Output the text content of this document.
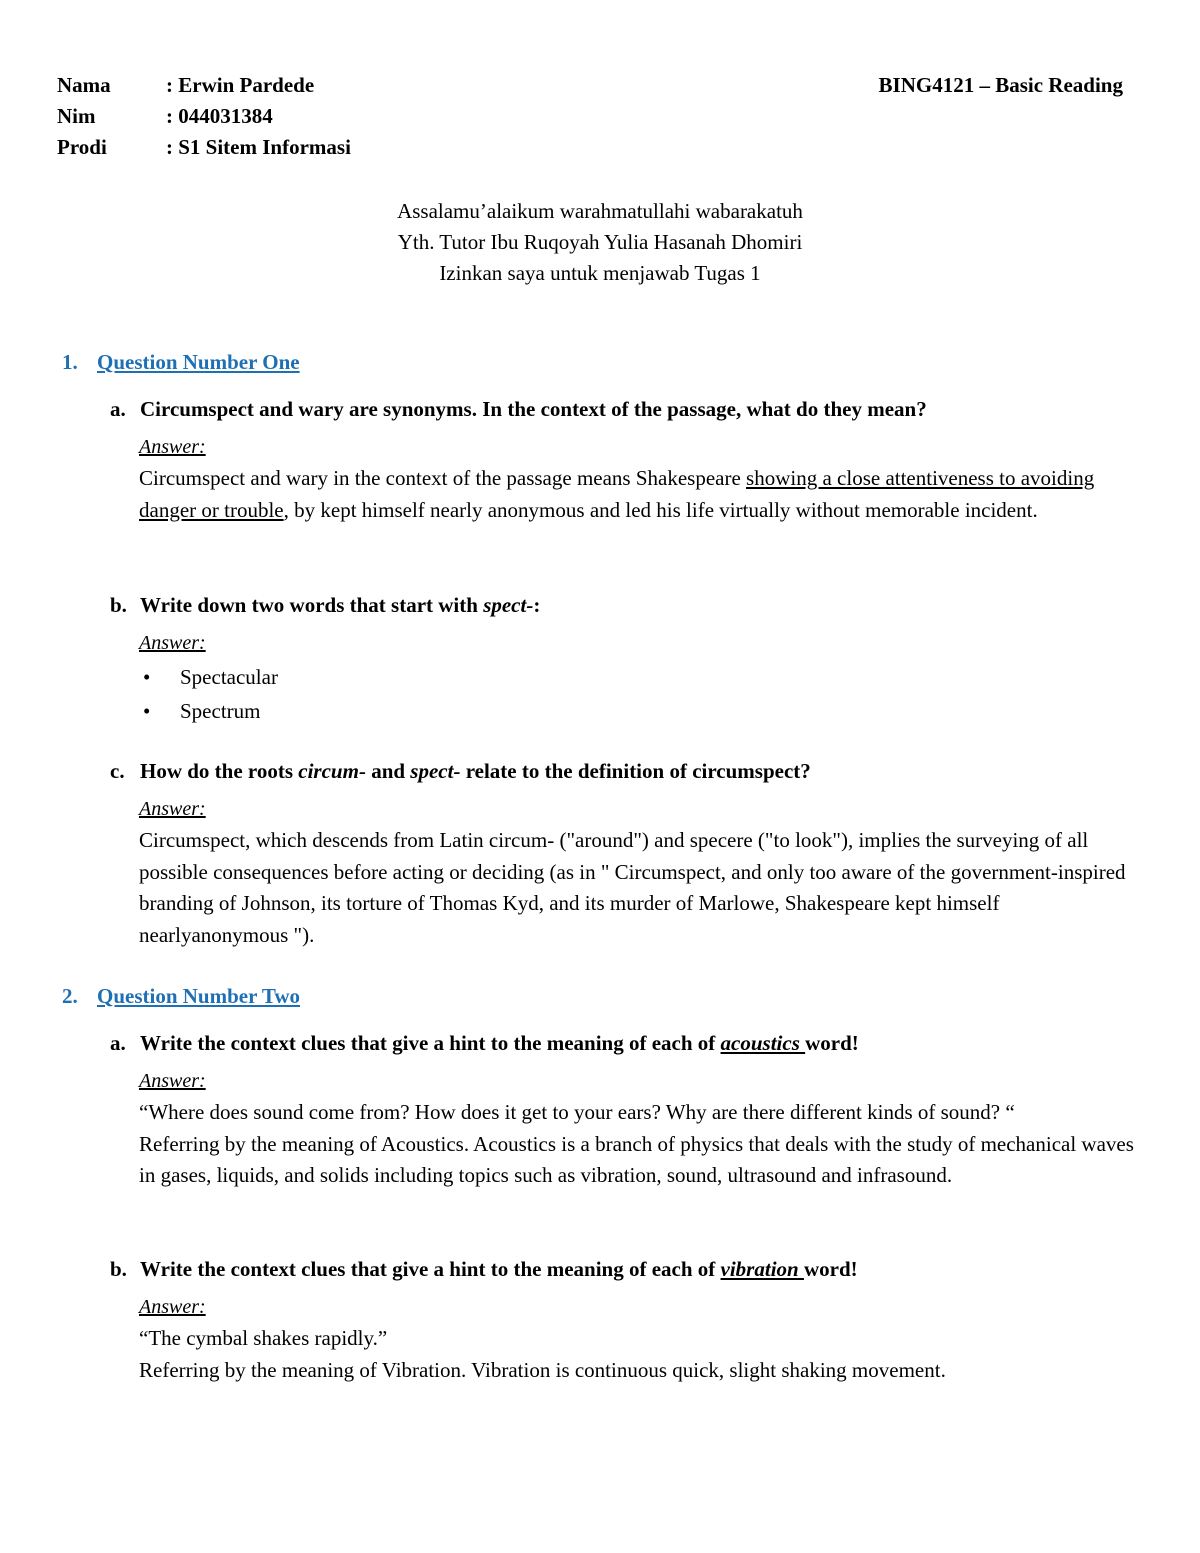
Nama	: Erwin Pardede	BING4121 – Basic Reading
Nim	: 044031384
Prodi	: S1 Sitem Informasi
Assalamu’alaikum warahmatullahi wabarakatuh
Yth. Tutor Ibu Ruqoyah Yulia Hasanah Dhomiri
Izinkan saya untuk menjawab Tugas 1
1. Question Number One
a. Circumspect and wary are synonyms. In the context of the passage, what do they mean?
Answer:
Circumspect and wary in the context of the passage means Shakespeare showing a close attentiveness to avoiding danger or trouble, by kept himself nearly anonymous and led his life virtually without memorable incident.
b. Write down two words that start with spect-:
Answer:
• Spectacular
• Spectrum
c. How do the roots circum- and spect- relate to the definition of circumspect?
Answer:
Circumspect, which descends from Latin circum- ("around") and specere ("to look"), implies the surveying of all possible consequences before acting or deciding (as in " Circumspect, and only too aware of the government-inspired branding of Johnson, its torture of Thomas Kyd, and its murder of Marlowe, Shakespeare kept himself nearlyanonymous ").
2. Question Number Two
a. Write the context clues that give a hint to the meaning of each of acoustics word!
Answer:
“Where does sound come from? How does it get to your ears? Why are there different kinds of sound? “
Referring by the meaning of Acoustics. Acoustics is a branch of physics that deals with the study of mechanical waves in gases, liquids, and solids including topics such as vibration, sound, ultrasound and infrasound.
b. Write the context clues that give a hint to the meaning of each of vibration word!
Answer:
“The cymbal shakes rapidly.”
Referring by the meaning of Vibration. Vibration is continuous quick, slight shaking movement.
